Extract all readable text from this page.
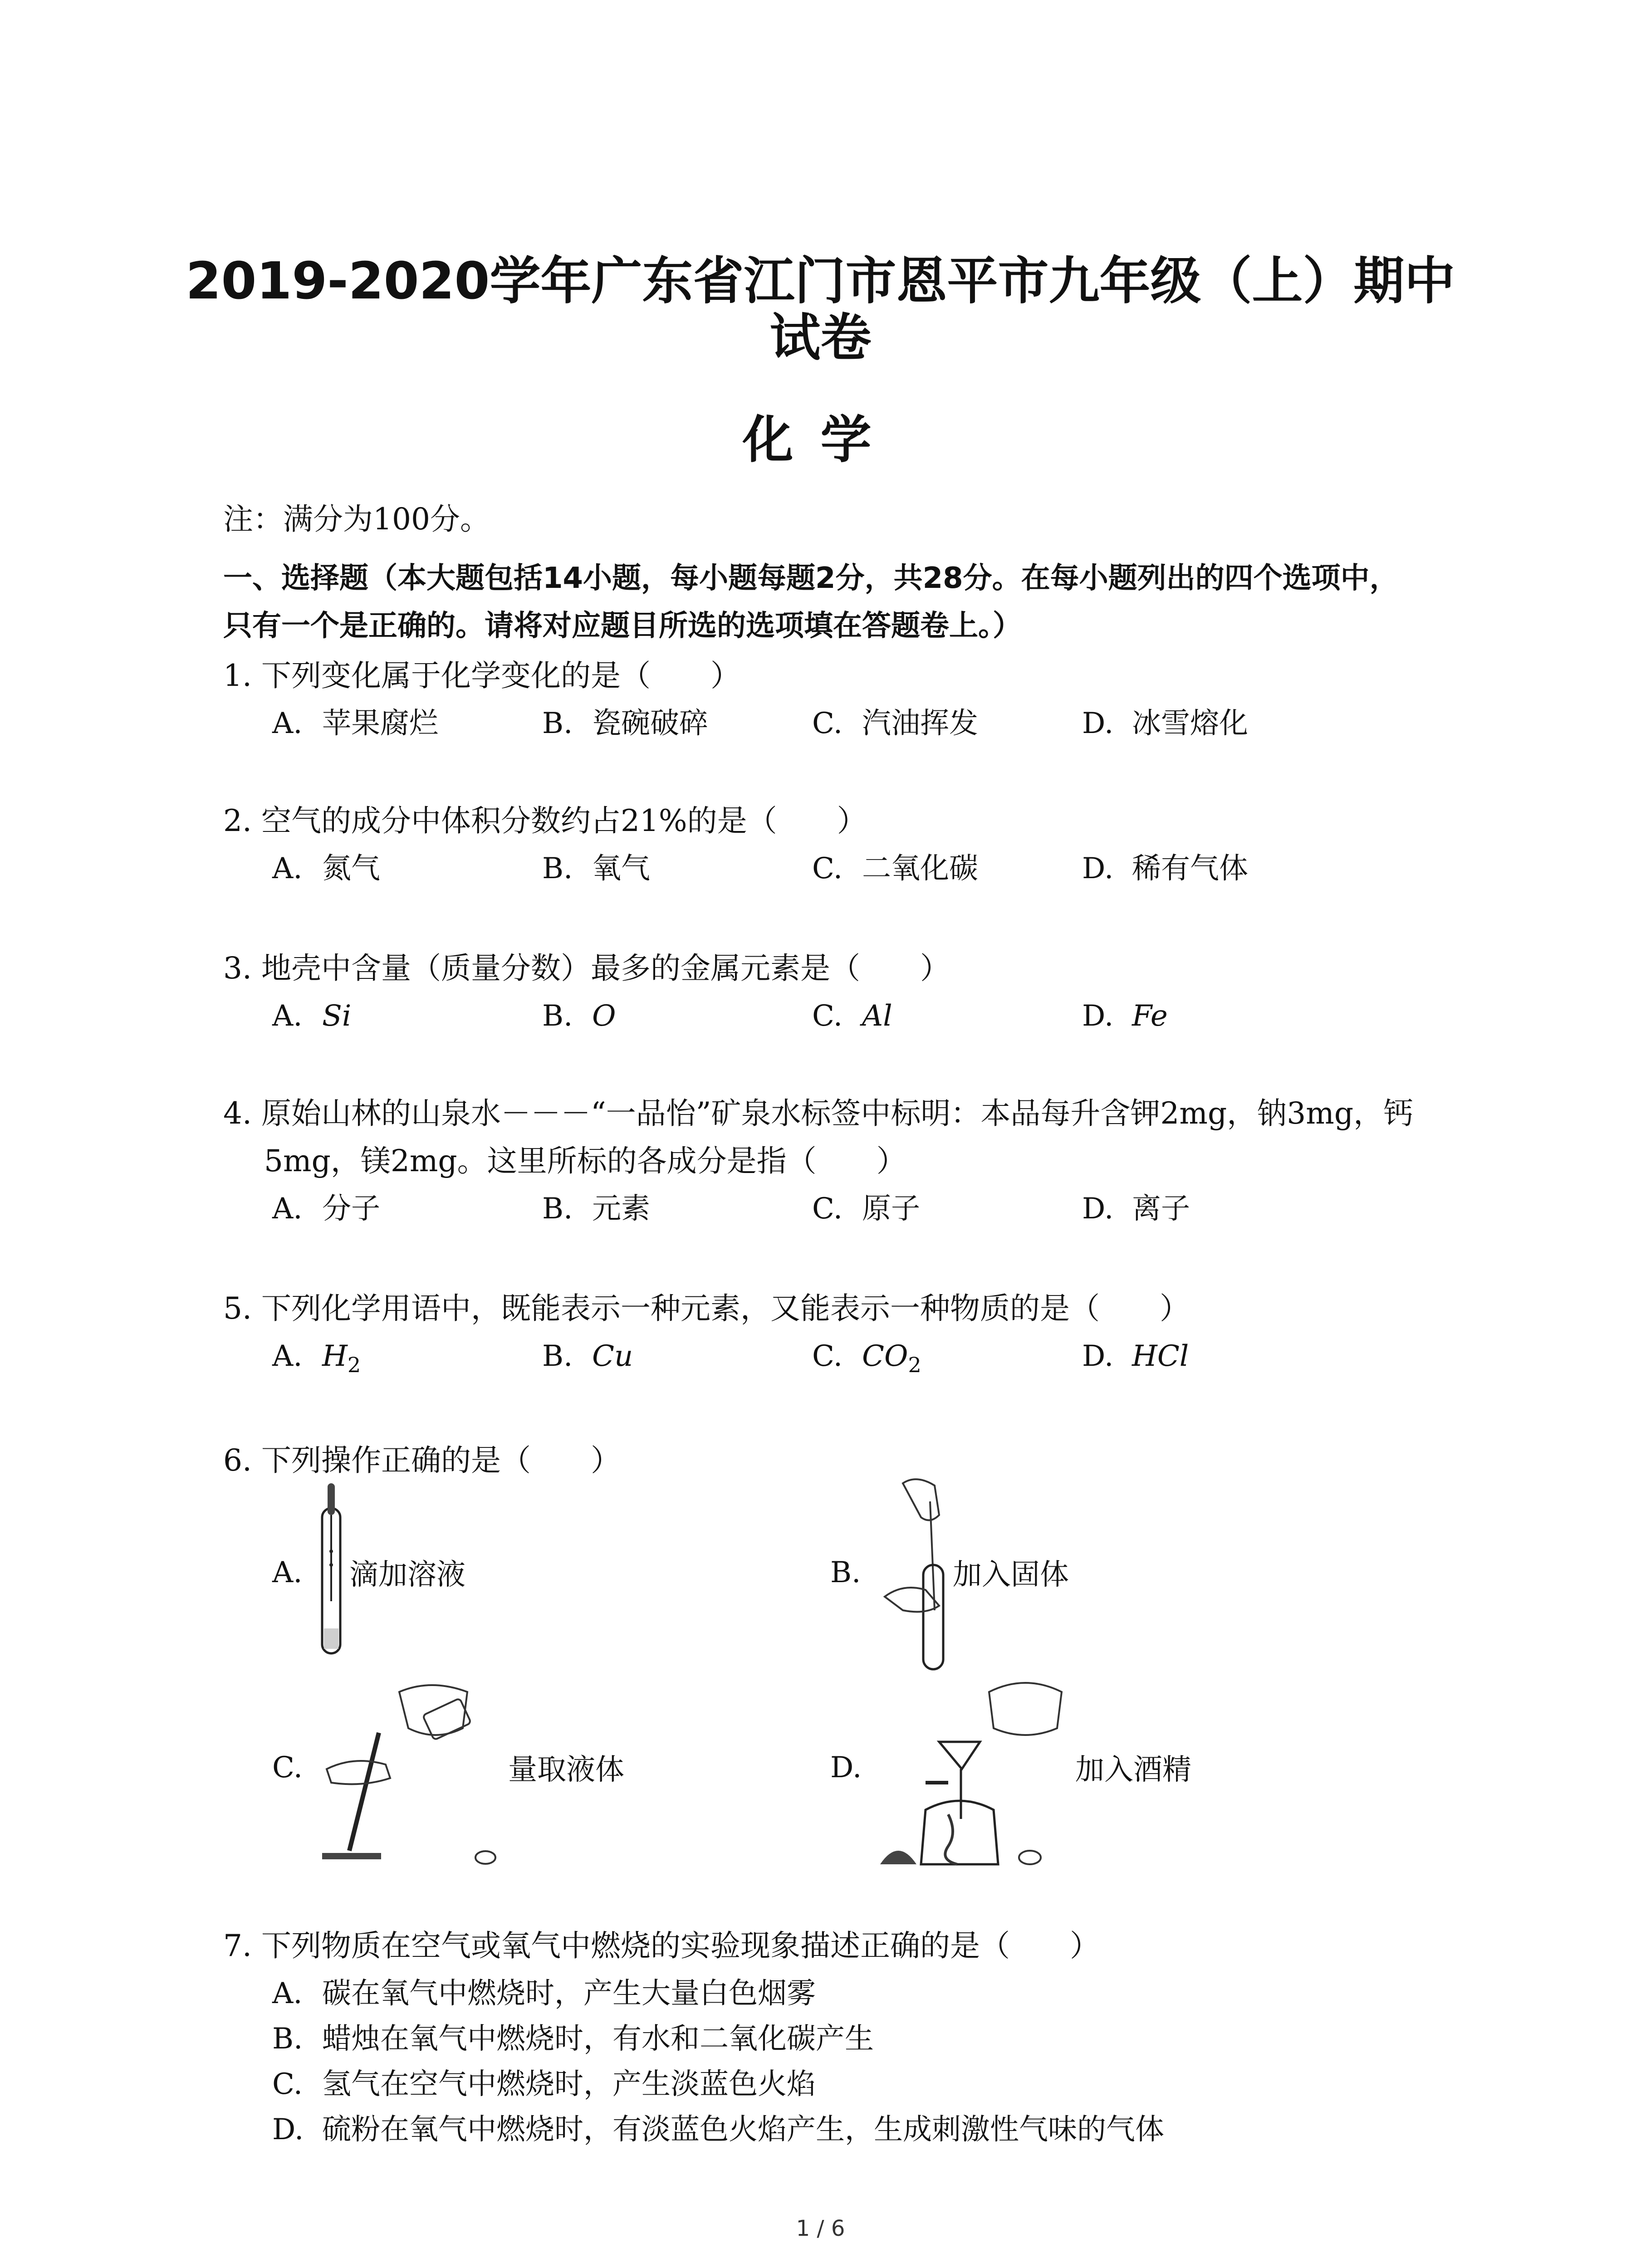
2019-2020学年广东省江门市恩平市九年级（上）期中
试卷
化学
注：满分为100分。
一、选择题（本大题包括14小题，每小题每题2分，共28分。在每小题列出的四个选项中，
只有一个是正确的。请将对应题目所选的选项填在答题卷上。）
1. 下列变化属于化学变化的是（　　）
A. 苹果腐烂	B. 瓷碗破碎	C. 汽油挥发	D. 冰雪熔化
2. 空气的成分中体积分数约占21%的是（　　）
A. 氮气	B. 氧气	C. 二氧化碳	D. 稀有气体
3. 地壳中含量（质量分数）最多的金属元素是（　　）
A. Si	B. O	C. Al	D. Fe
4. 原始山林的山泉水－－－“一品怡”矿泉水标签中标明：本品每升含钾2mg，钠3mg，钙
5mg，镁2mg。这里所标的各成分是指（　　）
A. 分子	B. 元素	C. 原子	D. 离子
5. 下列化学用语中，既能表示一种元素，又能表示一种物质的是（　　）
A. $H_2$	B. Cu	C. $CO_2$	D. HCl
6. 下列操作正确的是（　　）
A. 滴加溶液	B.	加入固体
C.	量取液体	D.	加入酒精
7. 下列物质在空气或氧气中燃烧的实验现象描述正确的是（　　）
A. 碳在氧气中燃烧时，产生大量白色烟雾
B. 蜡烛在氧气中燃烧时，有水和二氧化碳产生
C. 氢气在空气中燃烧时，产生淡蓝色火焰
D. 硫粉在氧气中燃烧时，有淡蓝色火焰产生，生成刺激性气味的气体
1 / 6
